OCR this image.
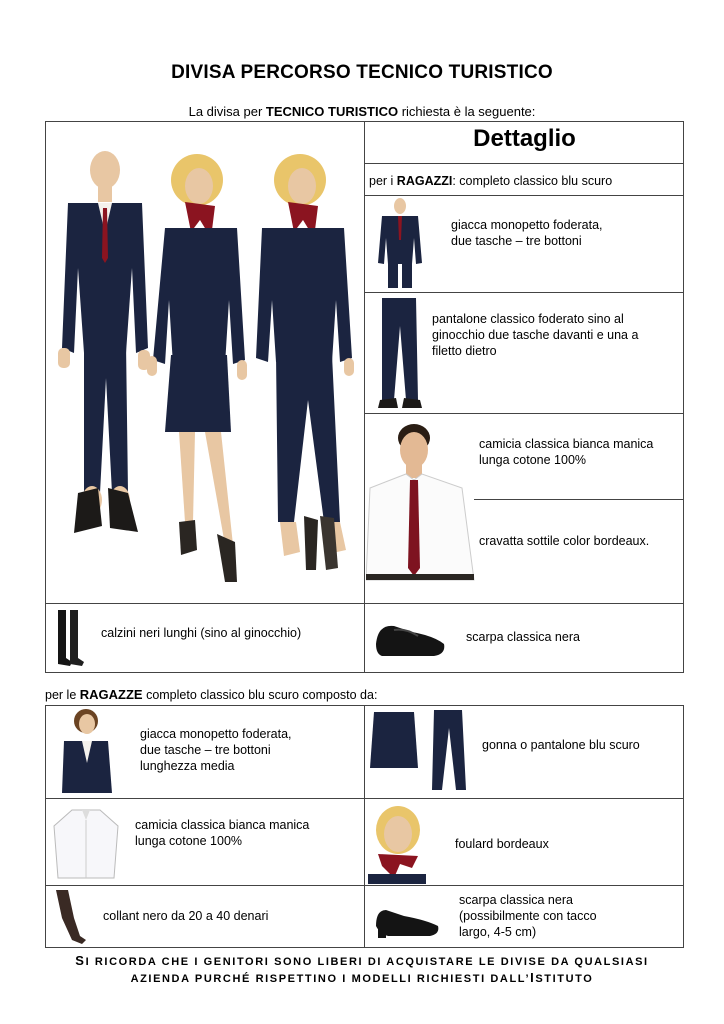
DIVISA PERCORSO TECNICO TURISTICO
La divisa per TECNICO TURISTICO richiesta è la seguente:
Dettaglio
per i RAGAZZI: completo classico blu scuro
giacca monopetto foderata,
due tasche – tre bottoni
pantalone classico foderato sino al
ginocchio due tasche davanti e una a
filetto dietro
camicia classica bianca manica
lunga cotone 100%
cravatta sottile color bordeaux.
calzini neri lunghi (sino al ginocchio)	scarpa classica nera
per le RAGAZZE completo classico blu scuro composto da:
giacca monopetto foderata,
due tasche – tre bottoni
lunghezza media
gonna o pantalone blu scuro
camicia classica bianca manica
lunga cotone 100%	foulard bordeaux
collant nero da 20 a 40 denari
scarpa classica nera
(possibilmente con tacco
largo, 4-5 cm)
SI RICORDA CHE I GENITORI SONO LIBERI DI ACQUISTARE LE DIVISE DA QUALSIASI
AZIENDA PURCHÉ RISPETTINO I MODELLI RICHIESTI DALL’ISTITUTO
